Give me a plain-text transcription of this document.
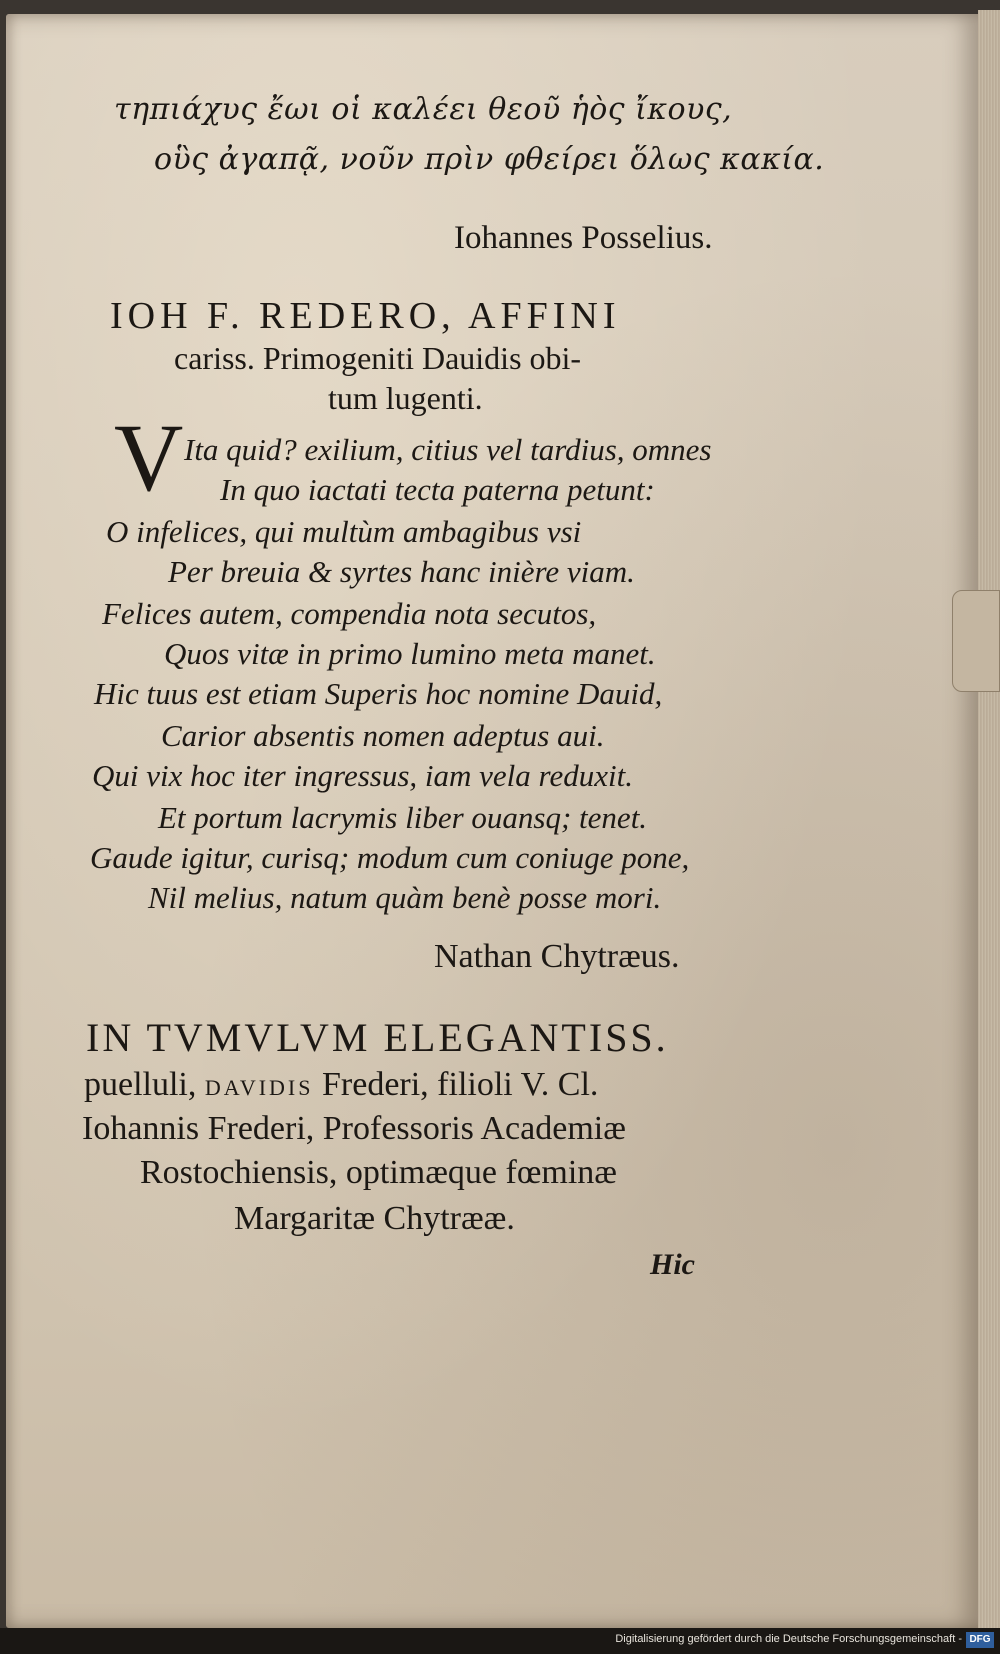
τηπιάχυς ἔωι οἱ καλέει θεοῦ ἡὸς ἴκους,
οὓς ἀγαπᾷ, νοῦν πρὶν φθείρει ὅλως κακία.
Iohannes Posselius.
IOH F. REDERO, AFFINI
cariss. Primogeniti Dauidis obi-
tum lugenti.
V Ita quid? exilium, citius vel tardius, omnes
In quo iactati tecta paterna petunt:
O infelices, qui multùm ambagibus vsi
Per breuia & syrtes hanc inière viam.
Felices autem, compendia nota secutos,
Quos vitæ in primo lumino meta manet.
Hic tuus est etiam Superis hoc nomine Dauid,
Carior absentis nomen adeptus aui.
Qui vix hoc iter ingressus, iam vela reduxit.
Et portum lacrymis liber ouansq; tenet.
Gaude igitur, curisq; modum cum coniuge pone,
Nil melius, natum quàm benè posse mori.
Nathan Chytræus.
IN TVMVLVM ELEGANTISS.
puelluli, DAVIDIS Frederi, filioli V. Cl.
Iohannis Frederi, Professoris Academiæ
Rostochiensis, optimæque fœminæ
Margaritæ Chytrææ.
Hic
Digitalisierung gefördert durch die Deutsche Forschungsgemeinschaft - DFG
